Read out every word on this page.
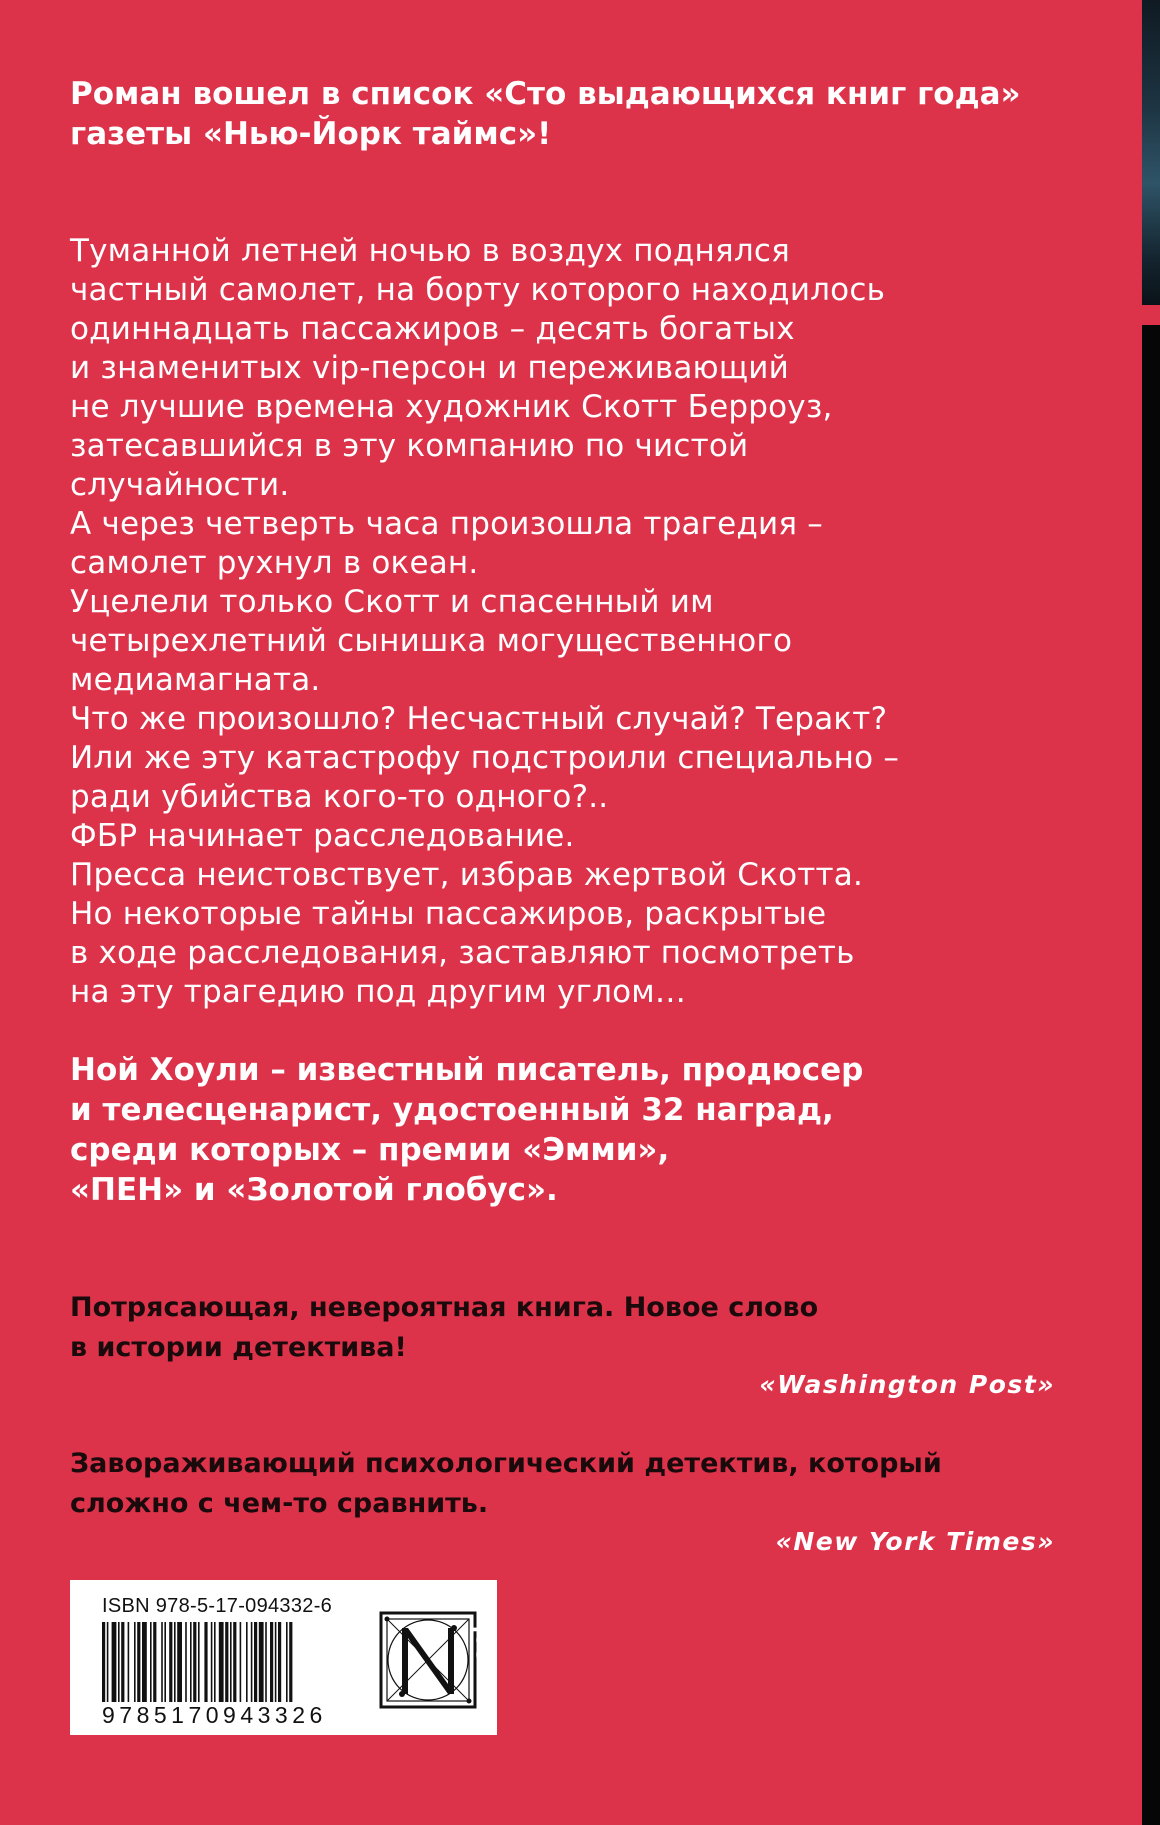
Роман вошел в список «Сто выдающихся книг года»
газеты «Нью-Йорк таймс»!
Туманной летней ночью в воздух поднялся
частный самолет, на борту которого находилось
одиннадцать пассажиров – десять богатых
и знаменитых vip-персон и переживающий
не лучшие времена художник Скотт Берроуз,
затесавшийся в эту компанию по чистой
случайности.
А через четверть часа произошла трагедия –
самолет рухнул в океан.
Уцелели только Скотт и спасенный им
четырехлетний сынишка могущественного
медиамагната.
Что же произошло? Несчастный случай? Теракт?
Или же эту катастрофу подстроили специально –
ради убийства кого-то одного?..
ФБР начинает расследование.
Пресса неистовствует, избрав жертвой Скотта.
Но некоторые тайны пассажиров, раскрытые
в ходе расследования, заставляют посмотреть
на эту трагедию под другим углом…
Ной Хоули – известный писатель, продюсер
и телесценарист, удостоенный 32 наград,
среди которых – премии «Эмми»,
«ПЕН» и «Золотой глобус».
Потрясающая, невероятная книга. Новое слово
в истории детектива!
«Washington Post»
Завораживающий психологический детектив, который
сложно с чем-то сравнить.
«New York Times»
ISBN 978-5-17-094332-6
9785170943326	www.ast.ru
